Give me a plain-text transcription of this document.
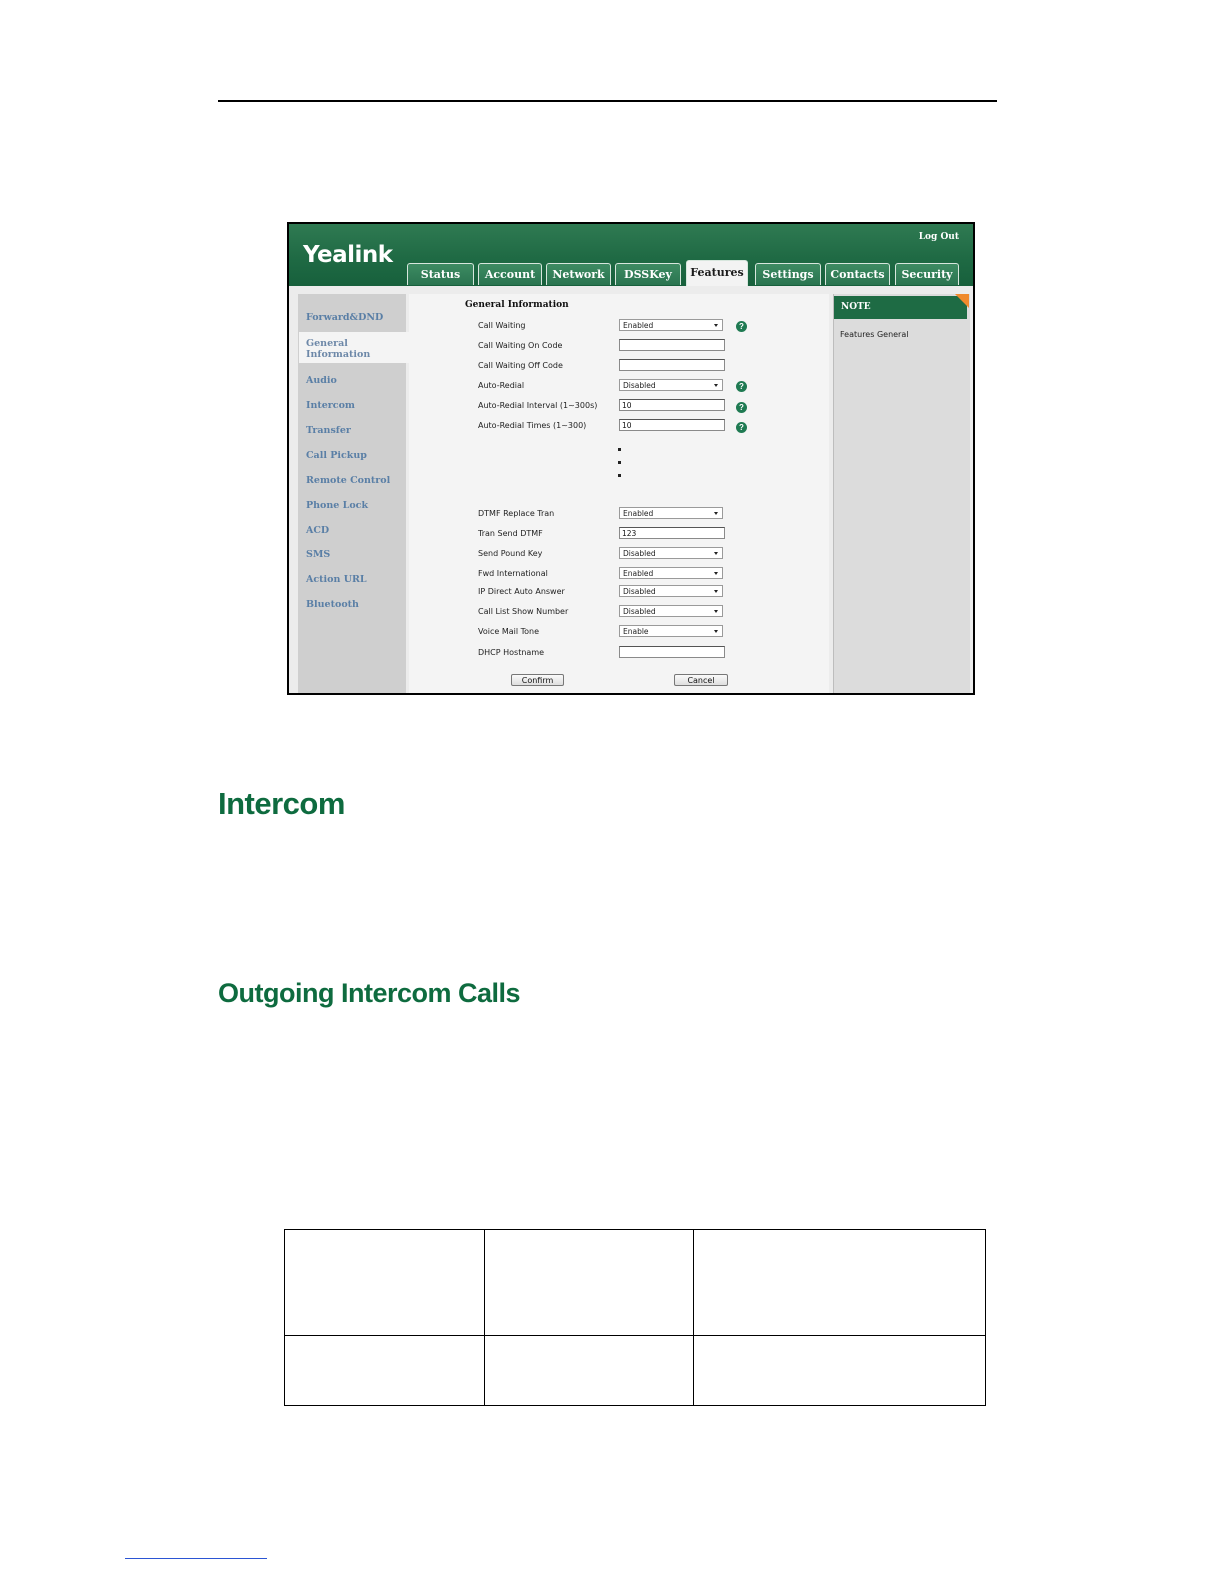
Yealink
Log Out
Status	Account	Network	DSSKey	Features	Settings	Contacts	Security
Forward&DND
General Information
Audio
Intercom
Transfer
Call Pickup
Remote Control
Phone Lock
ACD
SMS
Action URL
Bluetooth
General Information
Call Waiting	Enabled	?
Call Waiting On Code
Call Waiting Off Code
Auto-Redial	Disabled	?
Auto-Redial Interval (1~300s)	10	?
Auto-Redial Times (1~300)	10	?
DTMF Replace Tran	Enabled
Tran Send DTMF	123
Send Pound Key	Disabled
Fwd International	Enabled
IP Direct Auto Answer	Disabled
Call List Show Number	Disabled
Voice Mail Tone	Enable
DHCP Hostname
Confirm	Cancel
NOTE
Features General
Intercom
Outgoing Intercom Calls
